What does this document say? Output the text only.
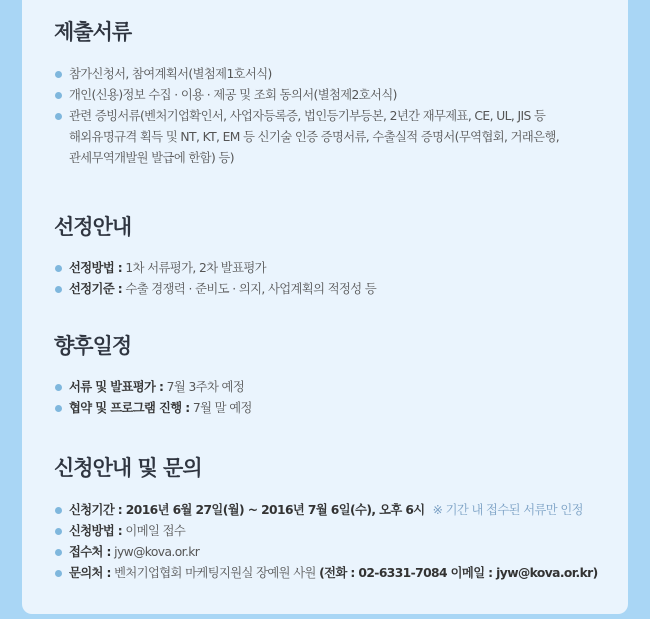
제출서류
참가신청서, 참여계획서(별첨제1호서식)
개인(신용)정보 수집 · 이용 · 제공 및 조회 동의서(별첨제2호서식)
관련 증빙서류(벤처기업확인서, 사업자등록증, 법인등기부등본, 2년간 재무제표, CE, UL, JIS 등
해외유명규격 획득 및 NT, KT, EM 등 신기술 인증 증명서류, 수출실적 증명서(무역협회, 거래은행,
관세무역개발원 발급에 한함) 등)
선정안내
선정방법 : 1차 서류평가, 2차 발표평가
선정기준 : 수출 경쟁력 · 준비도 · 의지, 사업계획의 적정성 등
향후일정
서류 및 발표평가 : 7월 3주차 예정
협약 및 프로그램 진행 : 7월 말 예정
신청안내 및 문의
신청기간 : 2016년 6월 27일(월) ~ 2016년 7월 6일(수), 오후 6시 ※ 기간 내 접수된 서류만 인정
신청방법 : 이메일 접수
접수처 : jyw@kova.or.kr
문의처 : 벤처기업협회 마케팅지원실 장예원 사원 (전화 : 02-6331-7084 이메일 : jyw@kova.or.kr)
